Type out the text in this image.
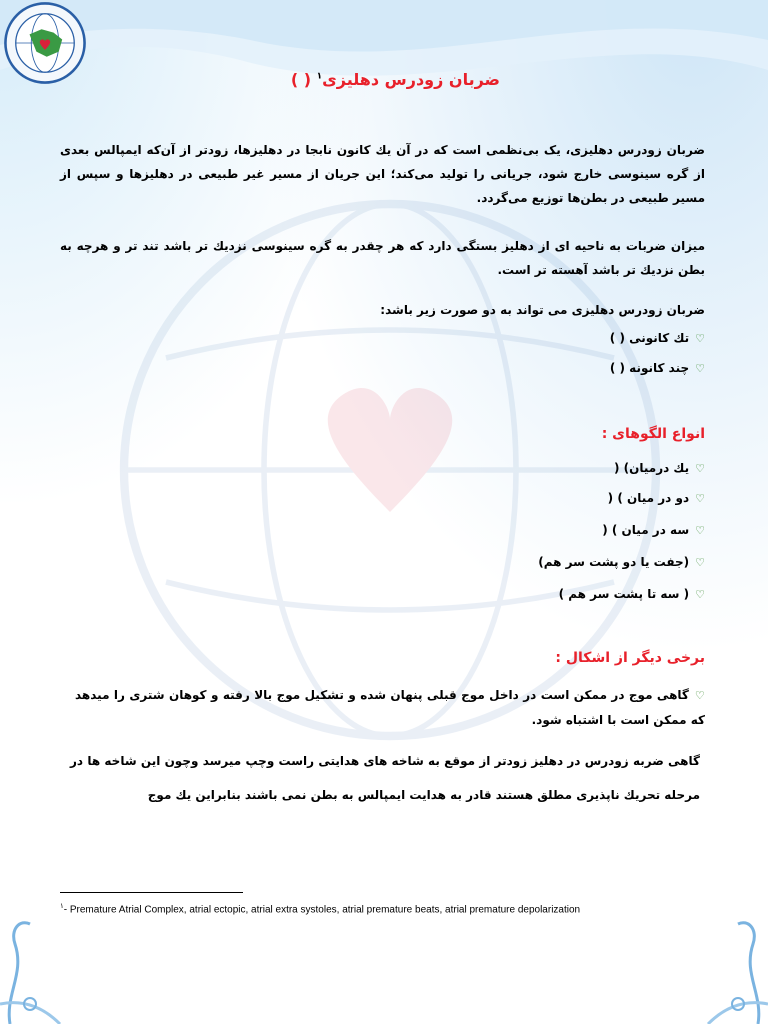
ضربان زودرس دهلیزی$^۱$ ( )

ضربان زودرس دهلیزی، یک بی‌نظمی است که در آن یك کانون نابجا در دهلیزها، زودتر از آن‌که ایمپالس بعدی از گره سینوسی خارج شود، جریانی را تولید می‌کند؛ این جریان از مسیر غیر طبیعی در دهلیزها و سپس از مسیر طبیعی در بطن‌ها توزیع می‌گردد.

میزان ضربات به ناحیه ای از دهلیز بستگی دارد که هر چقدر به گره سینوسی نزدیك تر باشد تند تر و هرچه به بطن نزدیك تر باشد آهسته تر است.

ضربان زودرس دهلیزی می تواند به دو صورت زیر باشد:

♡تك كانونی ( )

♡چند كانونه ( )

انواع الگوهای :

♡یك درمیان) (

♡دو در میان ) (

♡سه در میان ) (

♡(جفت یا دو پشت سر هم)

♡( سه تا پشت سر هم )

برخی دیگر از اشکال :

♡گاهی موج در ممكن است در داخل موج قبلی پنهان شده و تشكیل موج بالا رفته و كوهان شتری را میدهد كه ممكن است با اشتباه شود.

گاهی ضربه زودرس در دهلیز زودتر از موقع به شاخه های هدایتی راست وچپ میرسد وچون این شاخه ها در مرحله تحریك ناپذیری مطلق هستند قادر به هدایت ایمپالس به بطن نمی باشند بنابراین یك موج

$^۱$- Premature Atrial Complex, atrial ectopic, atrial extra systoles, atrial premature beats, atrial premature depolarization
